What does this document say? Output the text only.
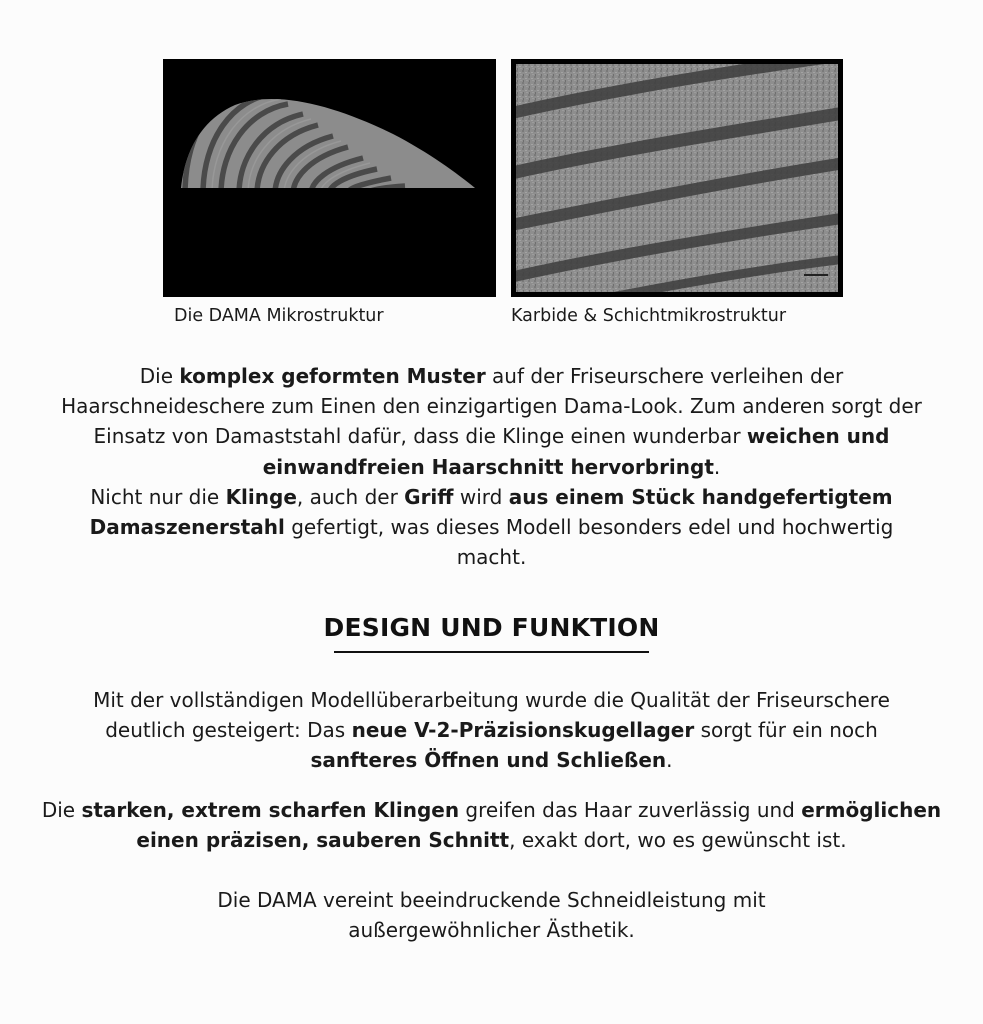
Die DAMA Mikrostruktur	Karbide & Schichtmikrostruktur
Die komplex geformten Muster auf der Friseurschere verleihen der Haarschneideschere zum Einen den einzigartigen Dama-Look. Zum anderen sorgt der Einsatz von Damaststahl dafür, dass die Klinge einen wunderbar weichen und einwandfreien Haarschnitt hervorbringt.
Nicht nur die Klinge, auch der Griff wird aus einem Stück handgefertigtem Damaszenerstahl gefertigt, was dieses Modell besonders edel und hochwertig macht.
DESIGN UND FUNKTION
Mit der vollständigen Modellüberarbeitung wurde die Qualität der Friseurschere deutlich gesteigert: Das neue V-2-Präzisionskugellager sorgt für ein noch sanfteres Öffnen und Schließen.
Die starken, extrem scharfen Klingen greifen das Haar zuverlässig und ermöglichen einen präzisen, sauberen Schnitt, exakt dort, wo es gewünscht ist.
Die DAMA vereint beeindruckende Schneidleistung mit
außergewöhnlicher Ästhetik.
